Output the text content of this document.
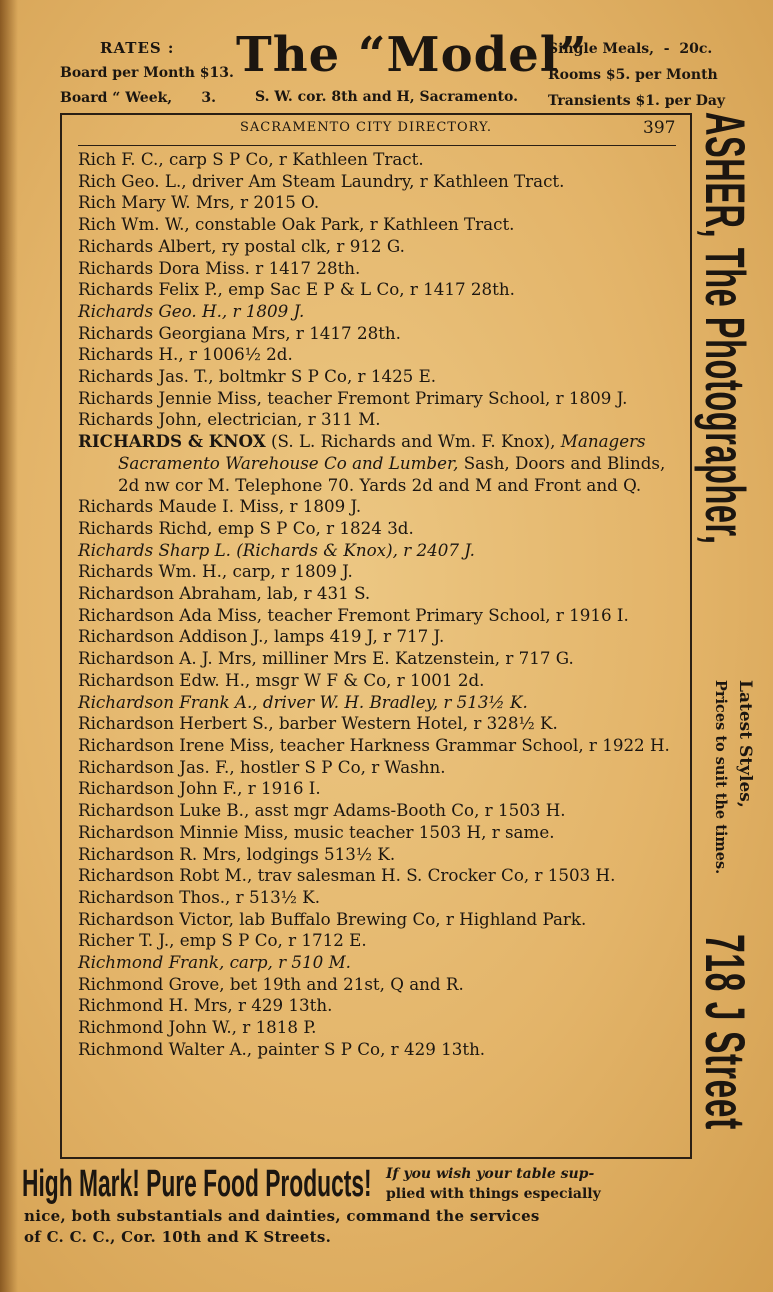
RATES :
Board per Month $13.
Board “ Week,      3.
The “Model”
S. W. cor. 8th and H, Sacramento.
Single Meals,  -  20c.
Rooms $5. per Month
Transients $1. per Day
SACRAMENTO CITY DIRECTORY.	397
Rich F. C., carp S P Co, r Kathleen Tract.
Rich Geo. L., driver Am Steam Laundry, r Kathleen Tract.
Rich Mary W. Mrs, r 2015 O.
Rich Wm. W., constable Oak Park, r Kathleen Tract.
Richards Albert, ry postal clk, r 912 G.
Richards Dora Miss. r 1417 28th.
Richards Felix P., emp Sac E P & L Co, r 1417 28th.
Richards Geo. H., r 1809 J.
Richards Georgiana Mrs, r 1417 28th.
Richards H., r 1006½ 2d.
Richards Jas. T., boltmkr S P Co, r 1425 E.
Richards Jennie Miss, teacher Fremont Primary School, r 1809 J.
Richards John, electrician, r 311 M.
RICHARDS & KNOX (S. L. Richards and Wm. F. Knox), Managers Sacramento Warehouse Co and Lumber, Sash, Doors and Blinds, 2d nw cor M. Telephone 70. Yards 2d and M and Front and Q.
Richards Maude I. Miss, r 1809 J.
Richards Richd, emp S P Co, r 1824 3d.
Richards Sharp L. (Richards & Knox), r 2407 J.
Richards Wm. H., carp, r 1809 J.
Richardson Abraham, lab, r 431 S.
Richardson Ada Miss, teacher Fremont Primary School, r 1916 I.
Richardson Addison J., lamps 419 J, r 717 J.
Richardson A. J. Mrs, milliner Mrs E. Katzenstein, r 717 G.
Richardson Edw. H., msgr W F & Co, r 1001 2d.
Richardson Frank A., driver W. H. Bradley, r 513½ K.
Richardson Herbert S., barber Western Hotel, r 328½ K.
Richardson Irene Miss, teacher Harkness Grammar School, r 1922 H.
Richardson Jas. F., hostler S P Co, r Washn.
Richardson John F., r 1916 I.
Richardson Luke B., asst mgr Adams-Booth Co, r 1503 H.
Richardson Minnie Miss, music teacher 1503 H, r same.
Richardson R. Mrs, lodgings 513½ K.
Richardson Robt M., trav salesman H. S. Crocker Co, r 1503 H.
Richardson Thos., r 513½ K.
Richardson Victor, lab Buffalo Brewing Co, r Highland Park.
Richer T. J., emp S P Co, r 1712 E.
Richmond Frank, carp, r 510 M.
Richmond Grove, bet 19th and 21st, Q and R.
Richmond H. Mrs, r 429 13th.
Richmond John W., r 1818 P.
Richmond Walter A., painter S P Co, r 429 13th.
ASHER, The Photographer,
Latest Styles,
Prices to suit the times.
718 J Street
High Mark! Pure Food Products! If you wish your table sup-
plied with things especially
nice, both substantials and dainties, command the services
of C. C. C., Cor. 10th and K Streets.
